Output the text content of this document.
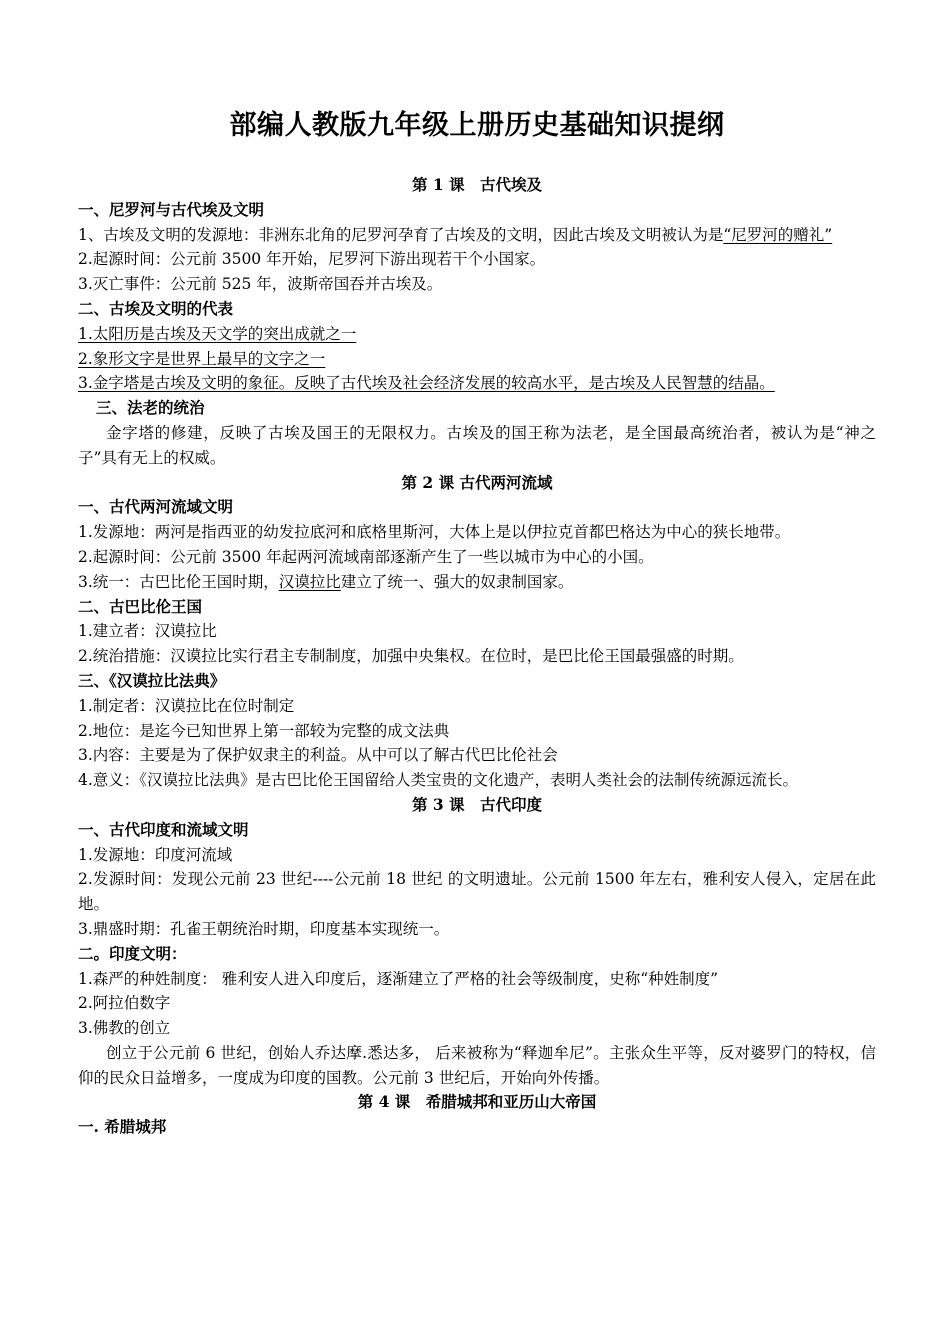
部编人教版九年级上册历史基础知识提纲

第 1 课　古代埃及

一、尼罗河与古代埃及文明

1、古埃及文明的发源地：非洲东北角的尼罗河孕育了古埃及的文明，因此古埃及文明被认为是“尼罗河的赠礼”

2.起源时间：公元前 3500 年开始，尼罗河下游出现若干个小国家。

3.灭亡事件：公元前 525 年，波斯帝国吞并古埃及。

二、古埃及文明的代表

1.太阳历是古埃及天文学的突出成就之一

2.象形文字是世界上最早的文字之一

3.金字塔是古埃及文明的象征。反映了古代埃及社会经济发展的较高水平，是古埃及人民智慧的结晶。

三、法老的统治

金字塔的修建，反映了古埃及国王的无限权力。古埃及的国王称为法老，是全国最高统治者，被认为是“神之子”具有无上的权威。

第 2 课 古代两河流域

一、古代两河流域文明

1.发源地：两河是指西亚的幼发拉底河和底格里斯河，大体上是以伊拉克首都巴格达为中心的狭长地带。

2.起源时间：公元前 3500 年起两河流域南部逐渐产生了一些以城市为中心的小国。

3.统一：古巴比伦王国时期，汉谟拉比建立了统一、强大的奴隶制国家。

二、古巴比伦王国

1.建立者：汉谟拉比

2.统治措施：汉谟拉比实行君主专制制度，加强中央集权。在位时，是巴比伦王国最强盛的时期。

三、《汉谟拉比法典》

1.制定者：汉谟拉比在位时制定

2.地位：是迄今已知世界上第一部较为完整的成文法典

3.内容：主要是为了保护奴隶主的利益。从中可以了解古代巴比伦社会

4.意义：《汉谟拉比法典》是古巴比伦王国留给人类宝贵的文化遗产，表明人类社会的法制传统源远流长。

第 3 课　古代印度

一、古代印度和流域文明

1.发源地：印度河流域

2.发源时间：发现公元前 23 世纪----公元前 18 世纪 的文明遗址。公元前 1500 年左右，雅利安人侵入，定居在此地。

3.鼎盛时期：孔雀王朝统治时期，印度基本实现统一。

二。印度文明：

1.森严的种姓制度： 雅利安人进入印度后，逐渐建立了严格的社会等级制度，史称“种姓制度”

2.阿拉伯数字

3.佛教的创立

创立于公元前 6 世纪，创始人乔达摩.悉达多， 后来被称为“释迦牟尼”。主张众生平等，反对婆罗门的特权，信仰的民众日益增多，一度成为印度的国教。公元前 3 世纪后，开始向外传播。

第 4 课　希腊城邦和亚历山大帝国

一. 希腊城邦
